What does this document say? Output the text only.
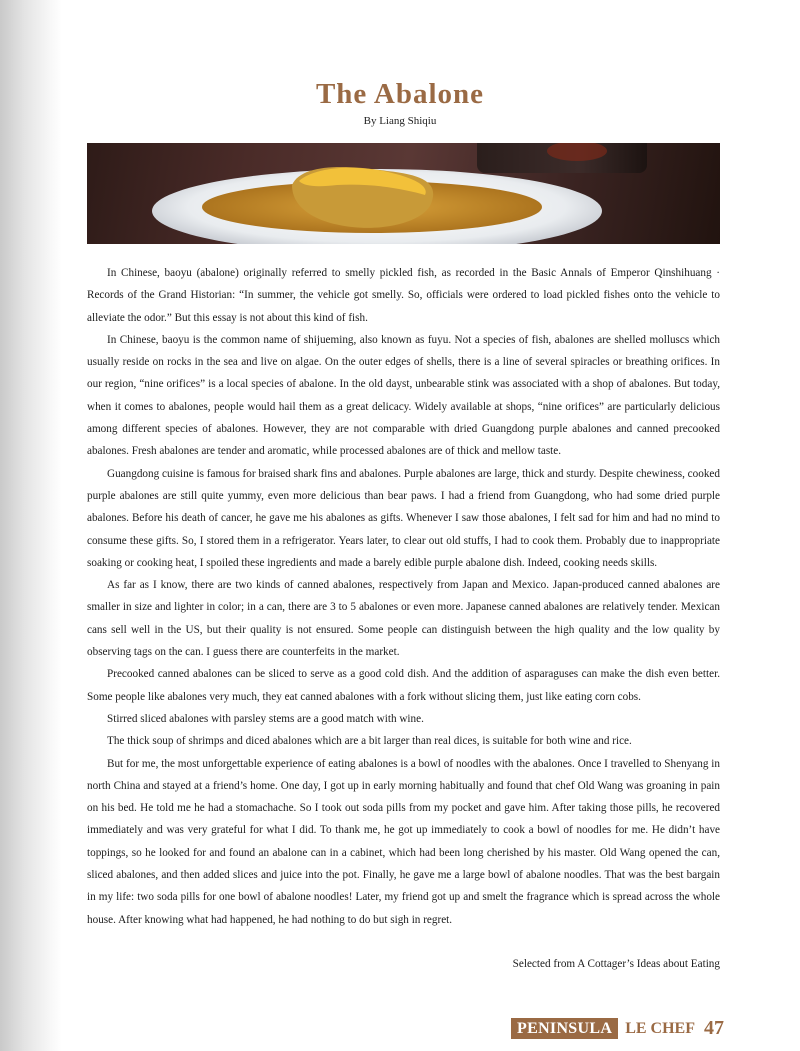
The Abalone

By Liang Shiqiu

In Chinese, baoyu (abalone) originally referred to smelly pickled fish, as recorded in the Basic Annals of Emperor Qinshihuang · Records of the Grand Historian: “In summer, the vehicle got smelly. So, officials were ordered to load pickled fishes onto the vehicle to alleviate the odor.” But this essay is not about this kind of fish.

In Chinese, baoyu is the common name of shijueming, also known as fuyu. Not a species of fish, abalones are shelled molluscs which usually reside on rocks in the sea and live on algae. On the outer edges of shells, there is a line of several spiracles or breathing orifices. In our region, “nine orifices” is a local species of abalone. In the old dayst, unbearable stink was associated with a shop of abalones. But today, when it comes to abalones, people would hail them as a great delicacy. Widely available at shops, “nine orifices” are particularly delicious among different species of abalones. However, they are not comparable with dried Guangdong purple abalones and canned precooked abalones. Fresh abalones are tender and aromatic, while processed abalones are of thick and mellow taste.

Guangdong cuisine is famous for braised shark fins and abalones. Purple abalones are large, thick and sturdy. Despite chewiness, cooked purple abalones are still quite yummy, even more delicious than bear paws. I had a friend from Guangdong, who had some dried purple abalones. Before his death of cancer, he gave me his abalones as gifts. Whenever I saw those abalones, I felt sad for him and had no mind to consume these gifts. So, I stored them in a refrigerator. Years later, to clear out old stuffs, I had to cook them. Probably due to inappropriate soaking or cooking heat, I spoiled these ingredients and made a barely edible purple abalone dish. Indeed, cooking needs skills.

As far as I know, there are two kinds of canned abalones, respectively from Japan and Mexico. Japan-produced canned abalones are smaller in size and lighter in color; in a can, there are 3 to 5 abalones or even more. Japanese canned abalones are relatively tender. Mexican cans sell well in the US, but their quality is not ensured. Some people can distinguish between the high quality and the low quality by observing tags on the can. I guess there are counterfeits in the market.

Precooked canned abalones can be sliced to serve as a good cold dish. And the addition of asparaguses can make the dish even better. Some people like abalones very much, they eat canned abalones with a fork without slicing them, just like eating corn cobs.

Stirred sliced abalones with parsley stems are a good match with wine.

The thick soup of shrimps and diced abalones which are a bit larger than real dices, is suitable for both wine and rice.

But for me, the most unforgettable experience of eating abalones is a bowl of noodles with the abalones. Once I travelled to Shenyang in north China and stayed at a friend’s home. One day, I got up in early morning habitually and found that chef Old Wang was groaning in pain on his bed. He told me he had a stomachache. So I took out soda pills from my pocket and gave him. After taking those pills, he recovered immediately and was very grateful for what I did. To thank me, he got up immediately to cook a bowl of noodles for me. He didn’t have toppings, so he looked for and found an abalone can in a cabinet, which had been long cherished by his master. Old Wang opened the can, sliced abalones, and then added slices and juice into the pot. Finally, he gave me a large bowl of abalone noodles. That was the best bargain in my life: two soda pills for one bowl of abalone noodles! Later, my friend got up and smelt the fragrance which is spread across the whole house. After knowing what had happened, he had nothing to do but sigh in regret.

Selected from A Cottager’s Ideas about Eating

PENINSULA LE CHEF 47
